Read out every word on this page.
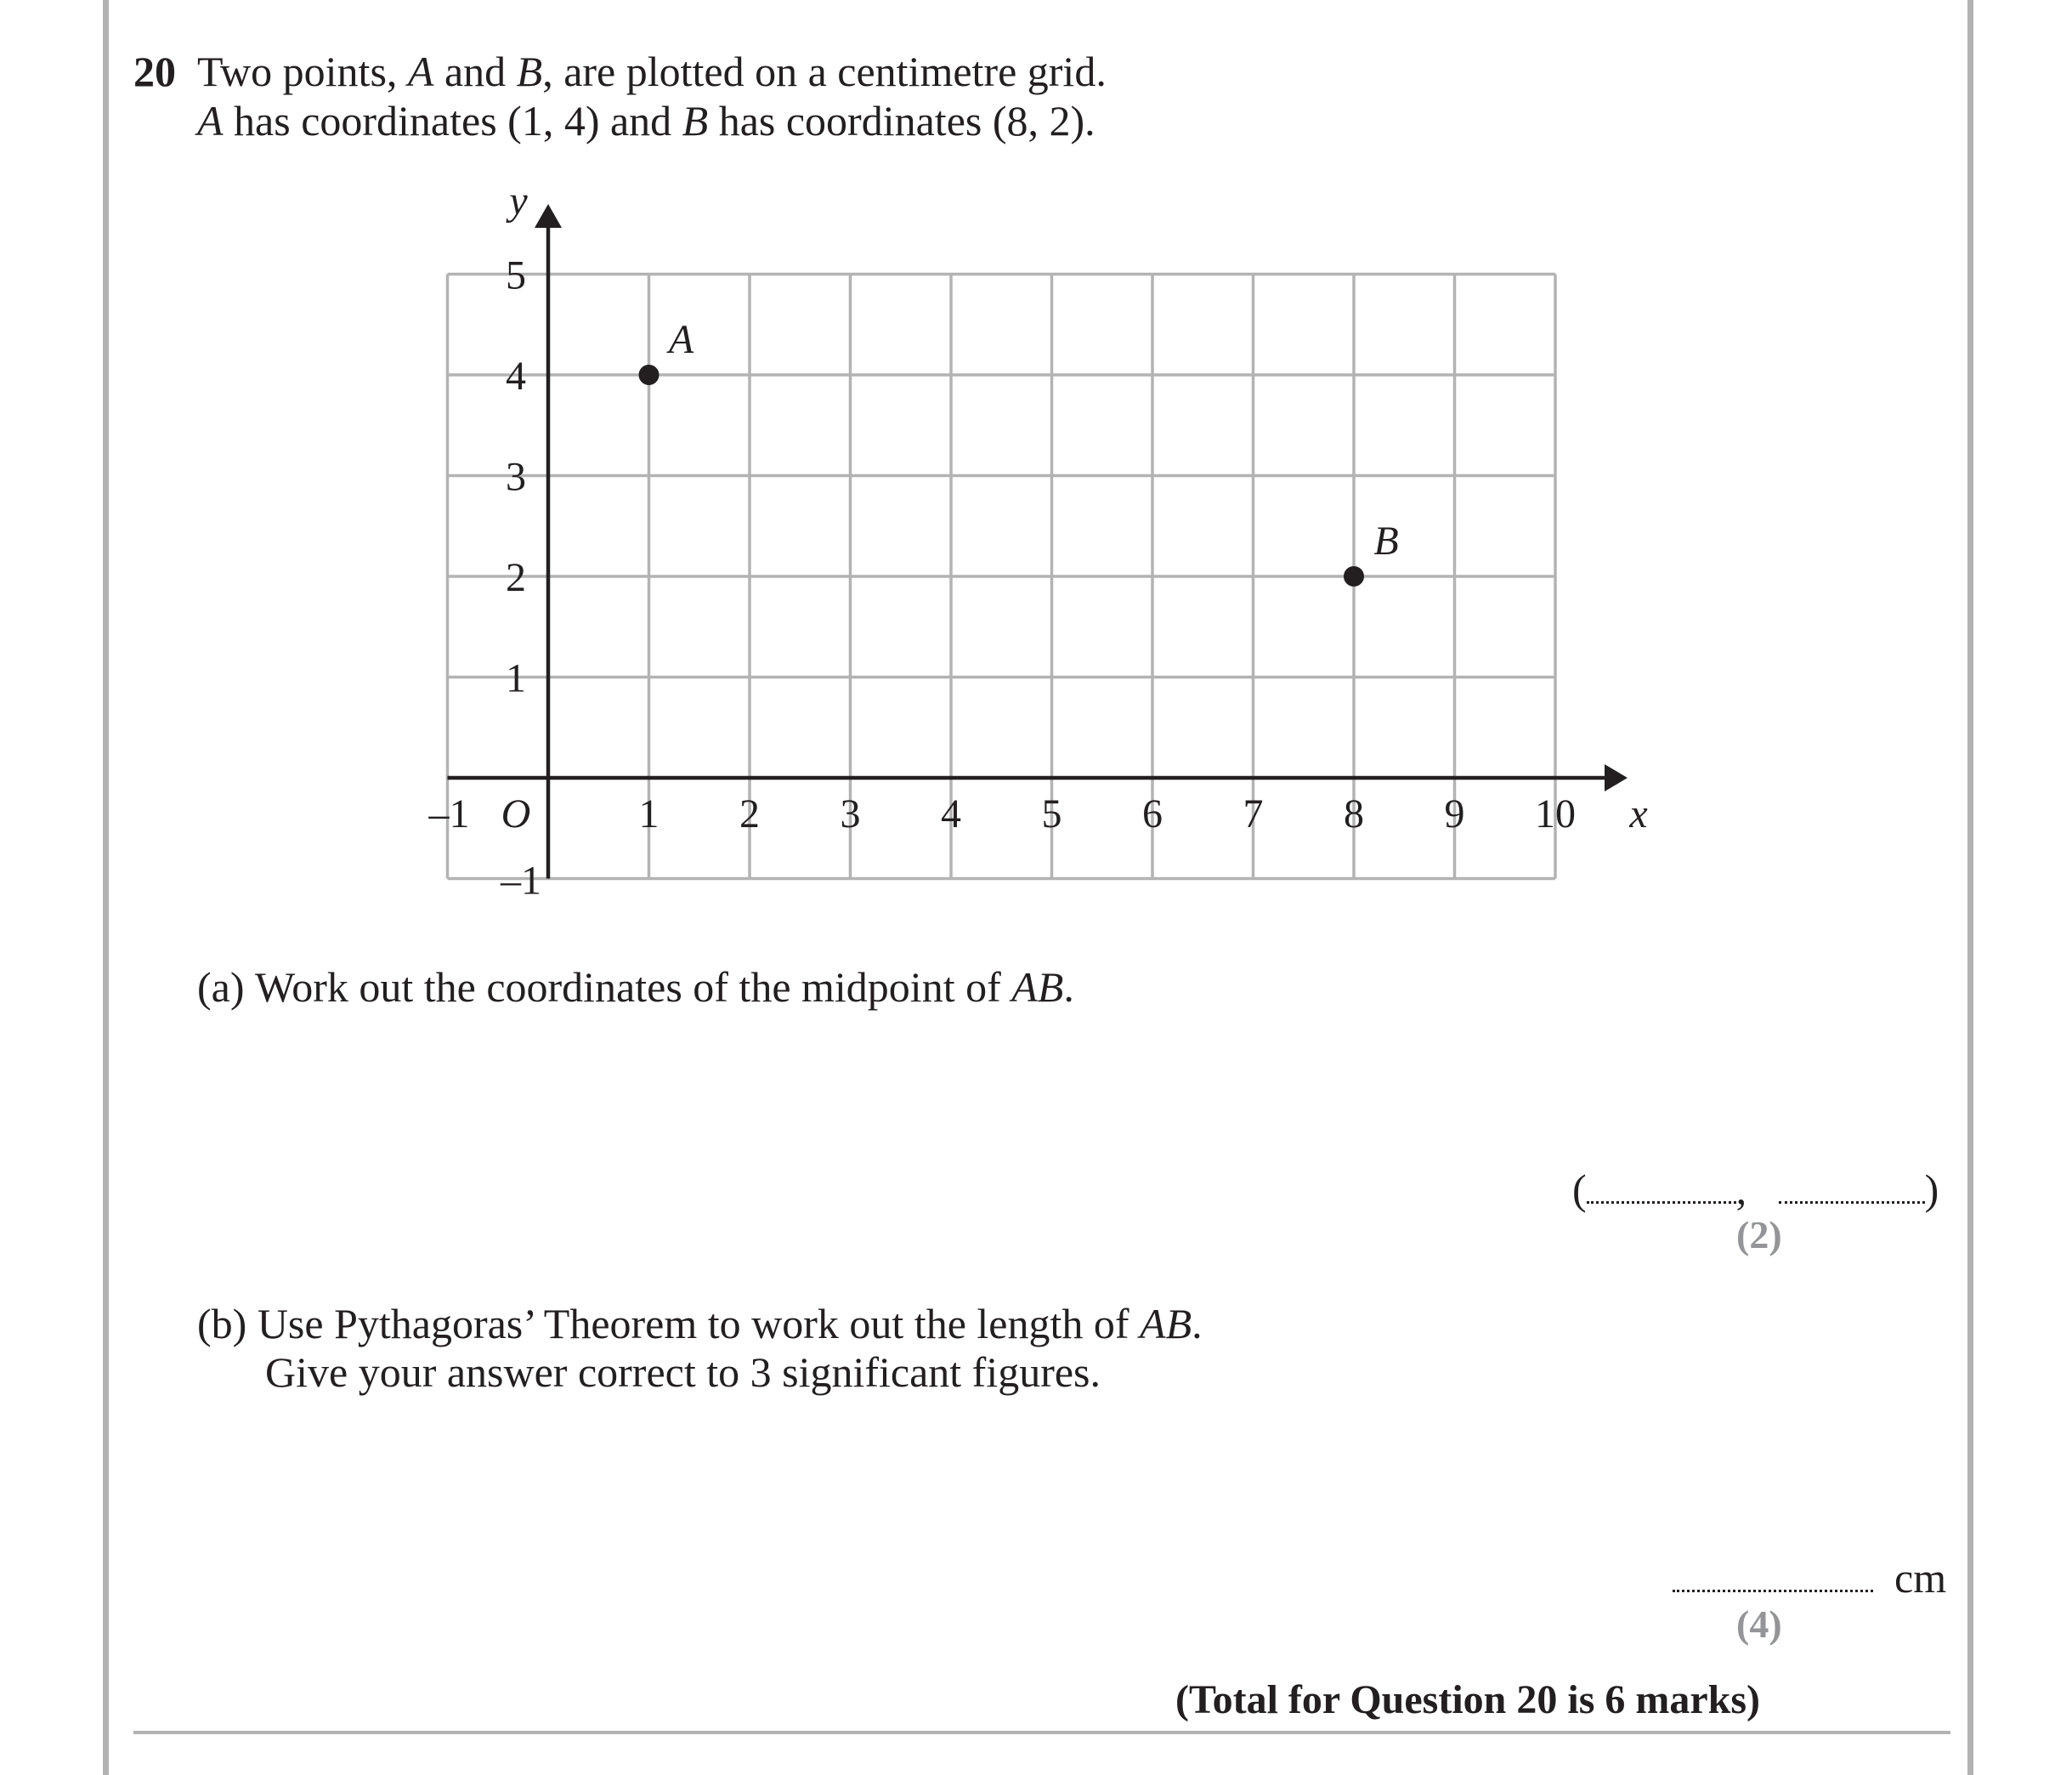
20 Two points, A and B, are plotted on a centimetre grid.
A has coordinates (1, 4) and B has coordinates (8, 2).
–1	1 2 3 4 5 6 7 8 9 10
–1
1
2
3
4
5
O	x
y
A
B
(a) Work out the coordinates of the midpoint of AB.
(	,	)
(2)
(b) Use Pythagoras’ Theorem to work out the length of AB.
Give your answer correct to 3 significant figures.
cm
(4)
(Total for Question 20 is 6 marks)
